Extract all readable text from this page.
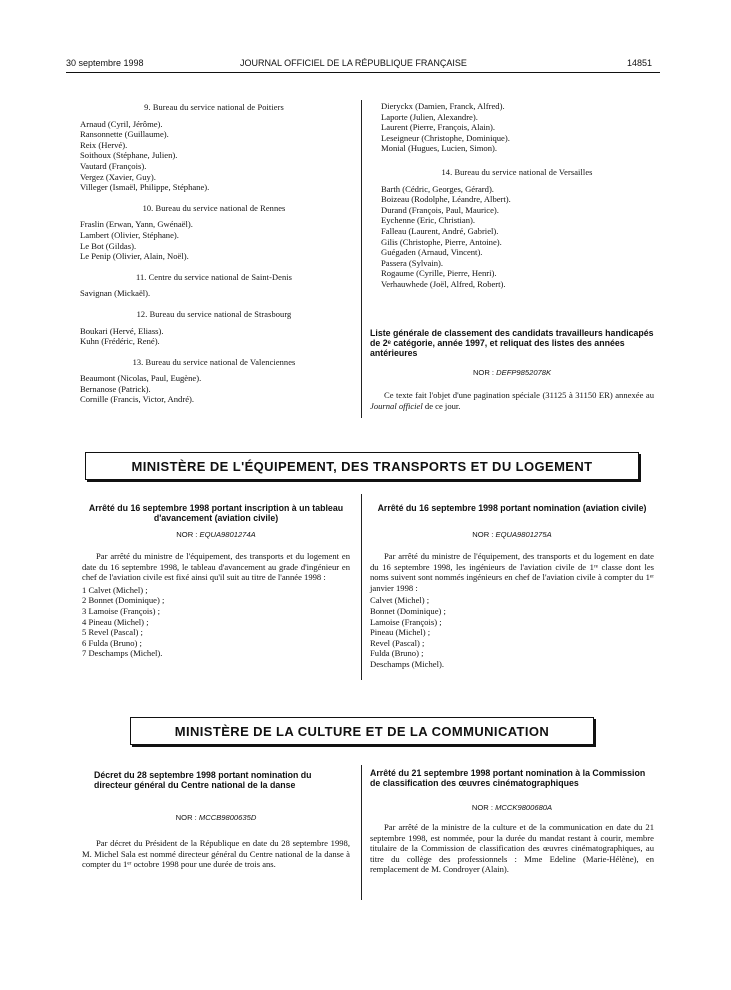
30 septembre 1998	JOURNAL OFFICIEL DE LA RÉPUBLIQUE FRANÇAISE	14851
9. Bureau du service national de Poitiers
Arnaud (Cyril, Jérôme).
Ransonnette (Guillaume).
Reix (Hervé).
Soithoux (Stéphane, Julien).
Vautard (François).
Vergez (Xavier, Guy).
Villeger (Ismaël, Philippe, Stéphane).
10. Bureau du service national de Rennes
Fraslin (Erwan, Yann, Gwénaël).
Lambert (Olivier, Stéphane).
Le Bot (Gildas).
Le Penip (Olivier, Alain, Noël).
11. Centre du service national de Saint-Denis
Savignan (Mickaël).
12. Bureau du service national de Strasbourg
Boukari (Hervé, Eliass).
Kuhn (Frédéric, René).
13. Bureau du service national de Valenciennes
Beaumont (Nicolas, Paul, Eugène).
Bernanose (Patrick).
Cornille (Francis, Victor, André).
Dieryckx (Damien, Franck, Alfred).
Laporte (Julien, Alexandre).
Laurent (Pierre, François, Alain).
Leseigneur (Christophe, Dominique).
Monial (Hugues, Lucien, Simon).
14. Bureau du service national de Versailles
Barth (Cédric, Georges, Gérard).
Boizeau (Rodolphe, Léandre, Albert).
Durand (François, Paul, Maurice).
Eychenne (Eric, Christian).
Falleau (Laurent, André, Gabriel).
Gilis (Christophe, Pierre, Antoine).
Guégaden (Arnaud, Vincent).
Passera (Sylvain).
Rogaume (Cyrille, Pierre, Henri).
Verhauwhede (Joël, Alfred, Robert).
Liste générale de classement des candidats travailleurs handicapés de 2ᵉ catégorie, année 1997, et reliquat des listes des années antérieures
NOR : DEFP9852078K
Ce texte fait l'objet d'une pagination spéciale (31125 à 31150 ER) annexée au Journal officiel de ce jour.
MINISTÈRE DE L'ÉQUIPEMENT, DES TRANSPORTS ET DU LOGEMENT
Arrêté du 16 septembre 1998 portant inscription à un tableau d'avancement (aviation civile)
NOR : EQUA9801274A
Par arrêté du ministre de l'équipement, des transports et du logement en date du 16 septembre 1998, le tableau d'avancement au grade d'ingénieur en chef de l'aviation civile est fixé ainsi qu'il suit au titre de l'année 1998 :
1 Calvet (Michel) ;
2 Bonnet (Dominique) ;
3 Lamoise (François) ;
4 Pineau (Michel) ;
5 Revel (Pascal) ;
6 Fulda (Bruno) ;
7 Deschamps (Michel).
Arrêté du 16 septembre 1998 portant nomination (aviation civile)
NOR : EQUA9801275A
Par arrêté du ministre de l'équipement, des transports et du logement en date du 16 septembre 1998, les ingénieurs de l'aviation civile de 1ʳᵉ classe dont les noms suivent sont nommés ingénieurs en chef de l'aviation civile à compter du 1ᵉʳ janvier 1998 :
Calvet (Michel) ;
Bonnet (Dominique) ;
Lamoise (François) ;
Pineau (Michel) ;
Revel (Pascal) ;
Fulda (Bruno) ;
Deschamps (Michel).
MINISTÈRE DE LA CULTURE ET DE LA COMMUNICATION
Décret du 28 septembre 1998 portant nomination du directeur général du Centre national de la danse
NOR : MCCB9800635D
Par décret du Président de la République en date du 28 septembre 1998, M. Michel Sala est nommé directeur général du Centre national de la danse à compter du 1ᵉʳ octobre 1998 pour une durée de trois ans.
Arrêté du 21 septembre 1998 portant nomination à la Commission de classification des œuvres cinématographiques
NOR : MCCK9800680A
Par arrêté de la ministre de la culture et de la communication en date du 21 septembre 1998, est nommée, pour la durée du mandat restant à courir, membre titulaire de la Commission de classification des œuvres cinématographiques, au titre du collège des professionnels : Mme Edeline (Marie-Hélène), en remplacement de M. Condroyer (Alain).
